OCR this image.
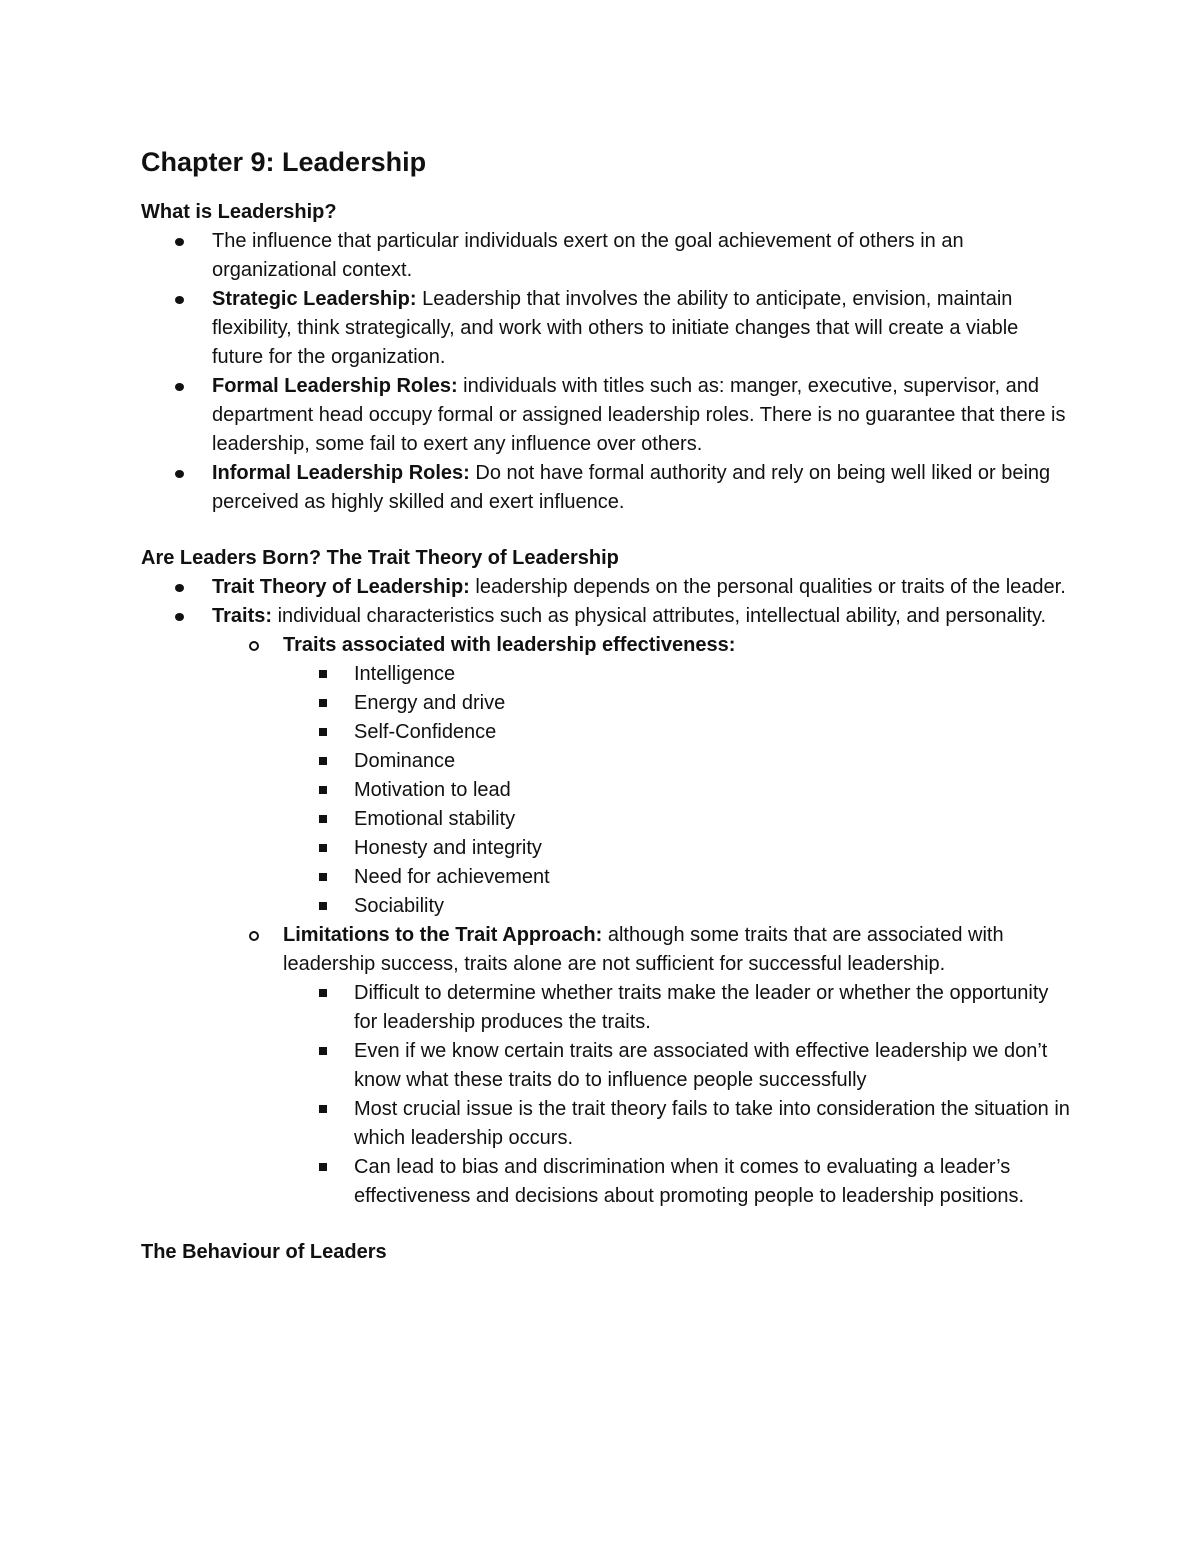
Chapter 9: Leadership

What is Leadership?

The influence that particular individuals exert on the goal achievement of others in an organizational context.
Strategic Leadership: Leadership that involves the ability to anticipate, envision, maintain flexibility, think strategically, and work with others to initiate changes that will create a viable future for the organization.
Formal Leadership Roles: individuals with titles such as: manger, executive, supervisor, and department head occupy formal or assigned leadership roles. There is no guarantee that there is leadership, some fail to exert any influence over others.
Informal Leadership Roles: Do not have formal authority and rely on being well liked or being perceived as highly skilled and exert influence.

Are Leaders Born? The Trait Theory of Leadership

Trait Theory of Leadership: leadership depends on the personal qualities or traits of the leader.
Traits: individual characteristics such as physical attributes, intellectual ability, and personality.
Traits associated with leadership effectiveness:
Intelligence
Energy and drive
Self-Confidence
Dominance
Motivation to lead
Emotional stability
Honesty and integrity
Need for achievement
Sociability
Limitations to the Trait Approach: although some traits that are associated with leadership success, traits alone are not sufficient for successful leadership.
Difficult to determine whether traits make the leader or whether the opportunity for leadership produces the traits.
Even if we know certain traits are associated with effective leadership we don’t know what these traits do to influence people successfully
Most crucial issue is the trait theory fails to take into consideration the situation in which leadership occurs.
Can lead to bias and discrimination when it comes to evaluating a leader’s effectiveness and decisions about promoting people to leadership positions.

The Behaviour of Leaders
